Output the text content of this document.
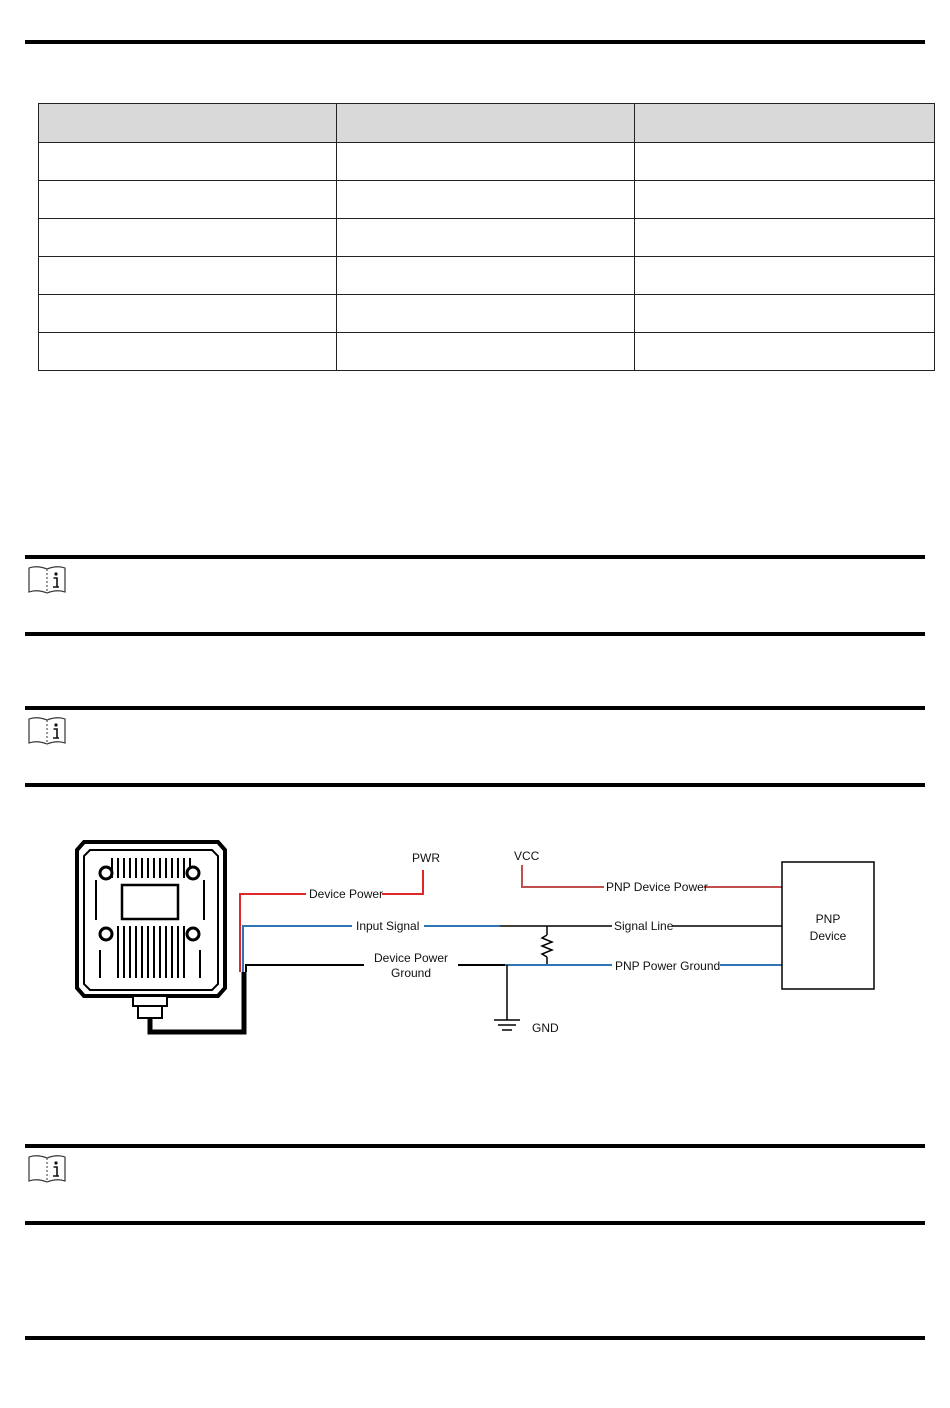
Device Power
Input Signal
Device Power
Ground
PWR	VCC
PNP Device Power
Signal Line
PNP Power Ground
GND
PNP
Device
